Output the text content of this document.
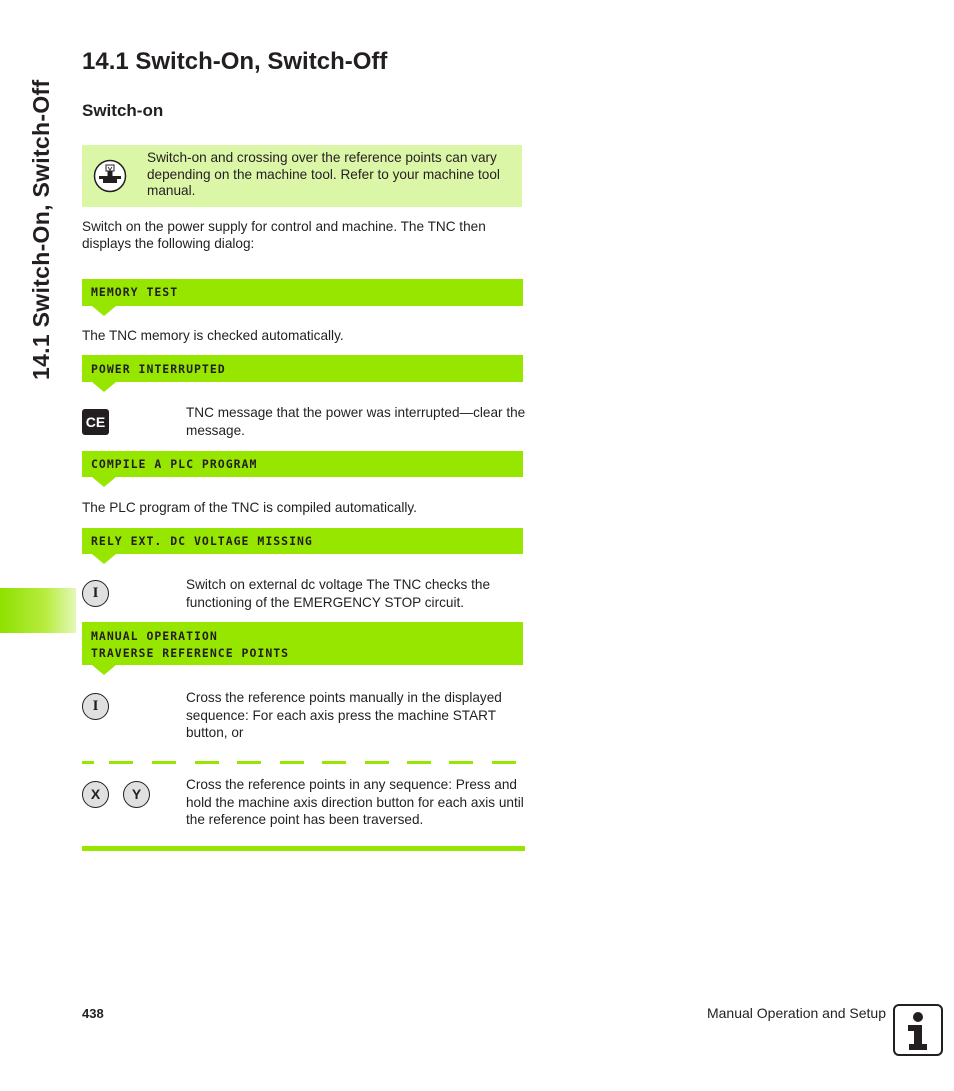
14.1 Switch-On, Switch-Off
14.1 Switch-On, Switch-Off
Switch-on
Switch-on and crossing over the reference points can vary depending on the machine tool. Refer to your machine tool manual.
Switch on the power supply for control and machine. The TNC then displays the following dialog:
MEMORY TEST
The TNC memory is checked automatically.
POWER INTERRUPTED
CE
TNC message that the power was interrupted—clear the message.
COMPILE A PLC PROGRAM
The PLC program of the TNC is compiled automatically.
RELY EXT. DC VOLTAGE MISSING
I
Switch on external dc voltage The TNC checks the functioning of the EMERGENCY STOP circuit.
MANUAL OPERATION
TRAVERSE REFERENCE POINTS
I
Cross the reference points manually in the displayed sequence: For each axis press the machine START button, or
X	Y
Cross the reference points in any sequence: Press and hold the machine axis direction button for each axis until the reference point has been traversed.
438	Manual Operation and Setup
